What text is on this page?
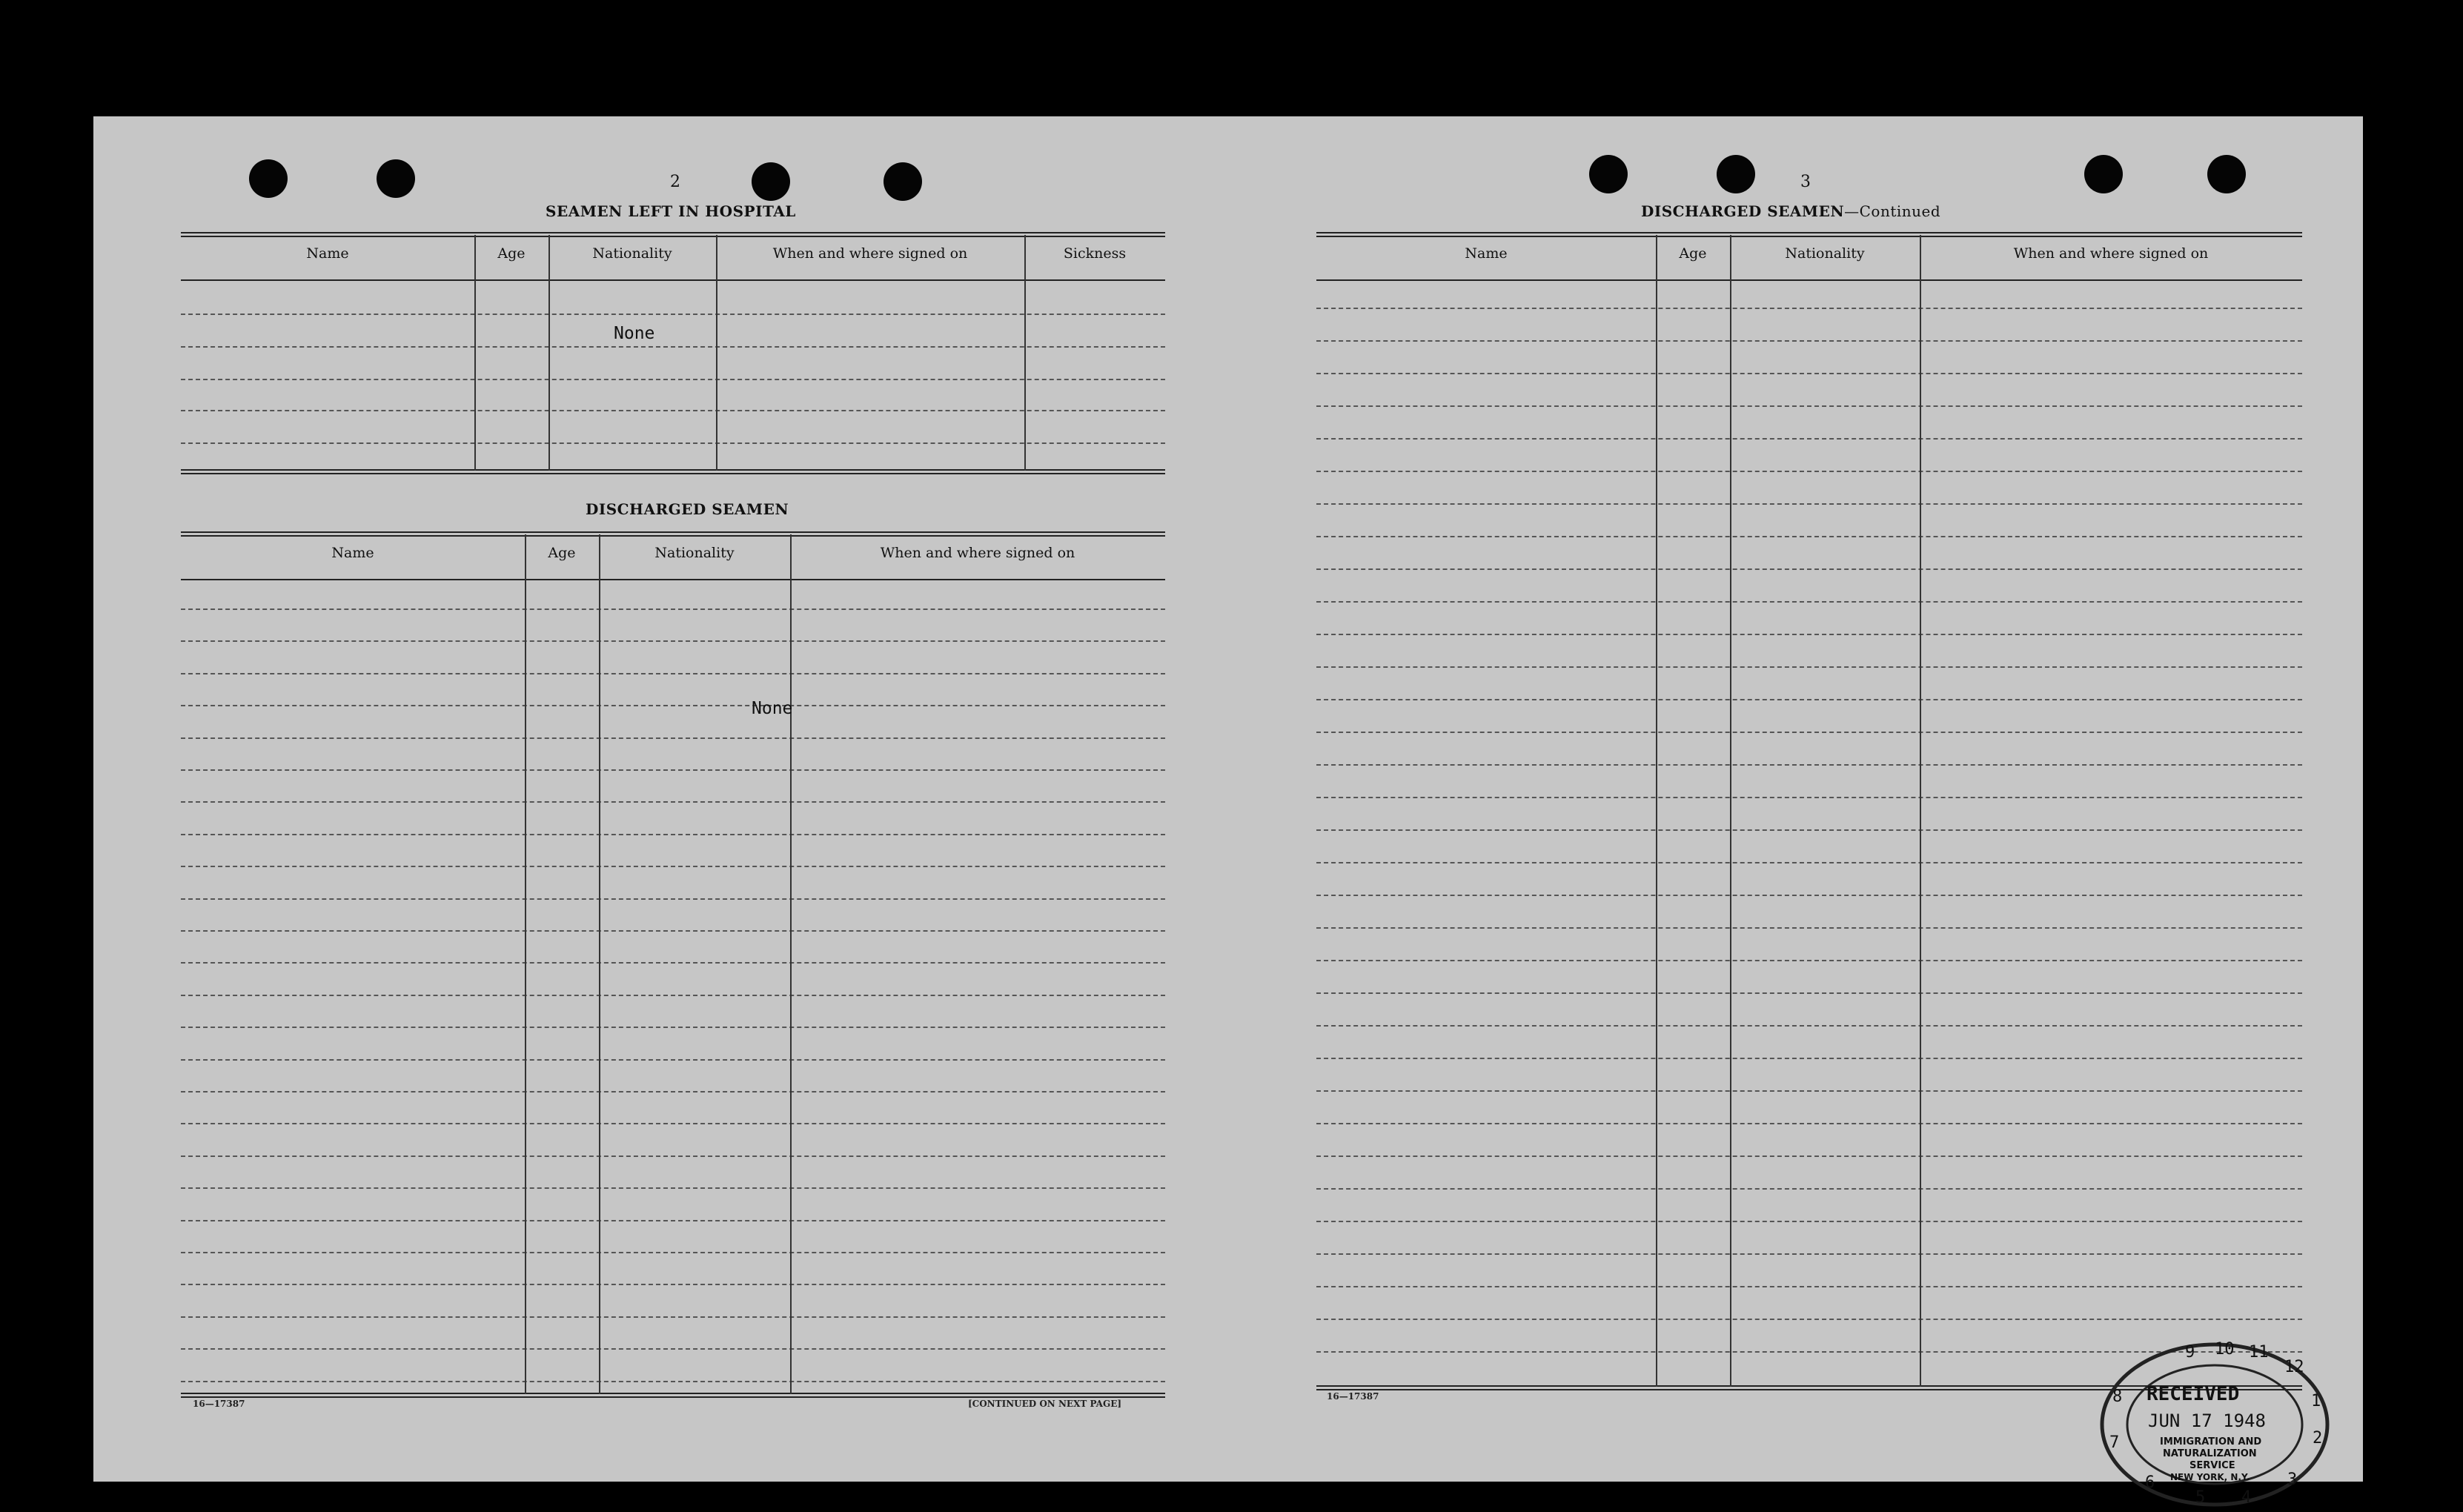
2
SEAMEN LEFT IN HOSPITAL
Name	Age	Nationality	When and where signed on	Sickness
None
DISCHARGED SEAMEN
Name	Age	Nationality	When and where signed on
None
16—17387	[CONTINUED ON NEXT PAGE]
3
DISCHARGED SEAMEN—Continued
Name	Age	Nationality	When and where signed on
16—17387
9 10 11
12
1
2
3
4
5
6
7
8 RECEIVED
JUN 17 1948
IMMIGRATION AND
NATURALIZATION
SERVICE
NEW YORK, N.Y.
